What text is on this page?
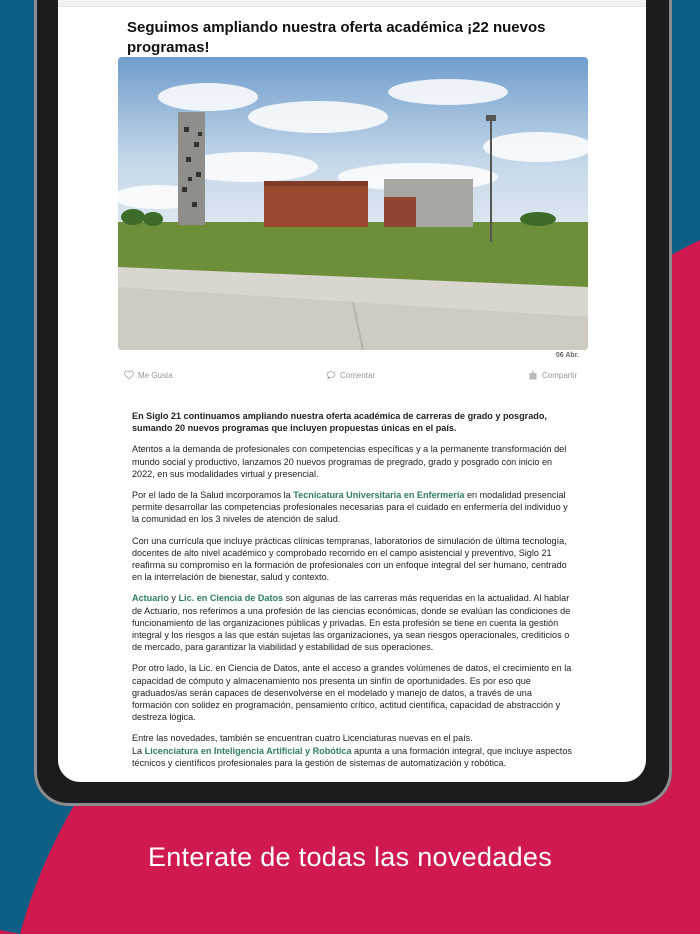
Seguimos ampliando nuestra oferta académica ¡22 nuevos programas!
06 Abr.
Me Gusta	Comentar	Compartir

En Siglo 21 continuamos ampliando nuestra oferta académica de carreras de grado y posgrado, sumando 20 nuevos programas que incluyen propuestas únicas en el país.

Atentos a la demanda de profesionales con competencias específicas y a la permanente transformación del mundo social y productivo, lanzamos 20 nuevos programas de pregrado, grado y posgrado con inicio en 2022, en sus modalidades virtual y presencial.

Por el lado de la Salud incorporamos la Tecnicatura Universitaria en Enfermería en modalidad presencial permite desarrollar las competencias profesionales necesarias para el cuidado en enfermería del individuo y la comunidad en los 3 niveles de atención de salud.

Con una currícula que incluye prácticas clínicas tempranas, laboratorios de simulación de última tecnología, docentes de alto nivel académico y comprobado recorrido en el campo asistencial y preventivo, Siglo 21 reafirma su compromiso en la formación de profesionales con un enfoque integral del ser humano, centrado en la interrelación de bienestar, salud y contexto.

Actuario y Lic. en Ciencia de Datos son algunas de las carreras más requeridas en la actualidad. Al hablar de Actuario, nos referimos a una profesión de las ciencias económicas, donde se evalúan las condiciones de funcionamiento de las organizaciones públicas y privadas. En esta profesión se tiene en cuenta la gestión integral y los riesgos a las que están sujetas las organizaciones, ya sean riesgos operacionales, crediticios o de mercado, para garantizar la viabilidad y estabilidad de sus operaciones.

Por otro lado, la Lic. en Ciencia de Datos, ante el acceso a grandes volúmenes de datos, el crecimiento en la capacidad de cómputo y almacenamiento nos presenta un sinfín de oportunidades. Es por eso que graduados/as serán capaces de desenvolverse en el modelado y manejo de datos, a través de una formación con solidez en programación, pensamiento crítico, actitud científica, capacidad de abstracción y destreza lógica.

Entre las novedades, también se encuentran cuatro Licenciaturas nuevas en el país.
La Licenciatura en Inteligencia Artificial y Robótica apunta a una formación integral, que incluye aspectos técnicos y científicos profesionales para la gestión de sistemas de automatización y robótica.

Enterate de todas las novedades
